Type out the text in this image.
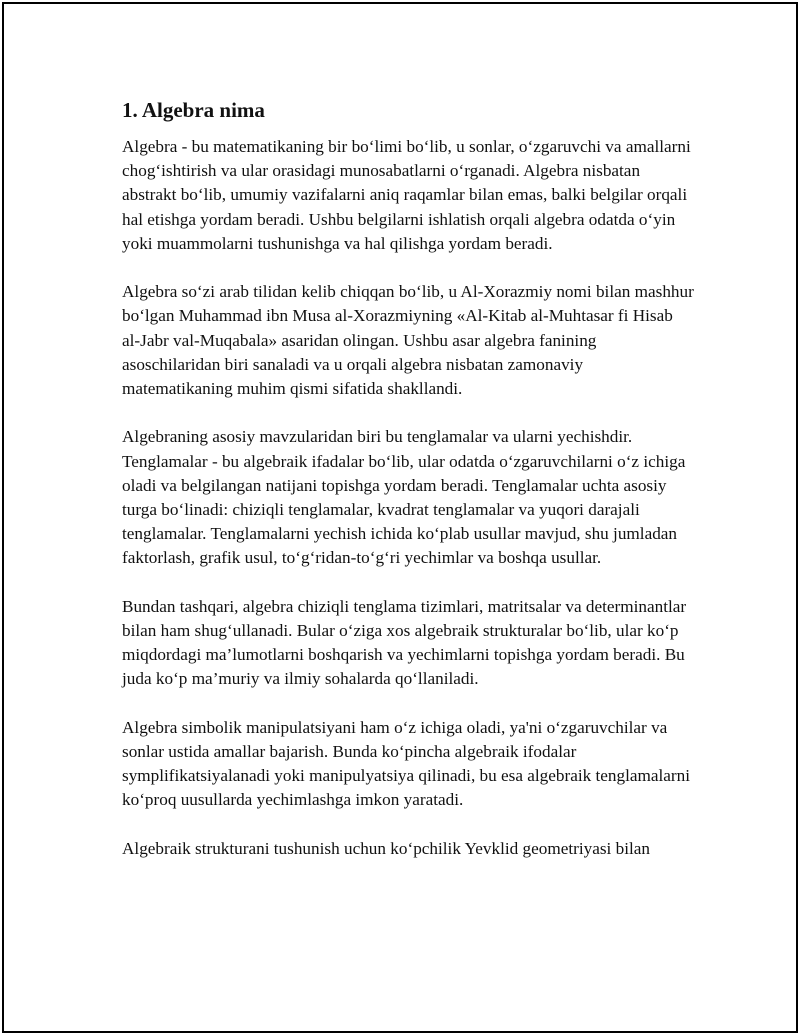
1. Algebra nima

Algebra - bu matematikaning bir bo‘limi bo‘lib, u sonlar, o‘zgaruvchi va amallarni chog‘ishtirish va ular orasidagi munosabatlarni o‘rganadi. Algebra nisbatan abstrakt bo‘lib, umumiy vazifalarni aniq raqamlar bilan emas, balki belgilar orqali hal etishga yordam beradi. Ushbu belgilarni ishlatish orqali algebra odatda o‘yin yoki muammolarni tushunishga va hal qilishga yordam beradi.

Algebra so‘zi arab tilidan kelib chiqqan bo‘lib, u Al-Xorazmiy nomi bilan mashhur bo‘lgan Muhammad ibn Musa al-Xorazmiyning «Al-Kitab al-Muhtasar fi Hisab al-Jabr val-Muqabala» asaridan olingan. Ushbu asar algebra fanining asoschilaridan biri sanaladi va u orqali algebra nisbatan zamonaviy matematikaning muhim qismi sifatida shakllandi.

Algebraning asosiy mavzularidan biri bu tenglamalar va ularni yechishdir. Tenglamalar - bu algebraik ifadalar bo‘lib, ular odatda o‘zgaruvchilarni o‘z ichiga oladi va belgilangan natijani topishga yordam beradi. Tenglamalar uchta asosiy turga bo‘linadi: chiziqli tenglamalar, kvadrat tenglamalar va yuqori darajali tenglamalar. Tenglamalarni yechish ichida ko‘plab usullar mavjud, shu jumladan faktorlash, grafik usul, to‘g‘ridan-to‘g‘ri yechimlar va boshqa usullar.

Bundan tashqari, algebra chiziqli tenglama tizimlari, matritsalar va determinantlar bilan ham shug‘ullanadi. Bular o‘ziga xos algebraik strukturalar bo‘lib, ular ko‘p miqdordagi ma’lumotlarni boshqarish va yechimlarni topishga yordam beradi. Bu juda ko‘p ma’muriy va ilmiy sohalarda qo‘llaniladi.

Algebra simbolik manipulatsiyani ham o‘z ichiga oladi, ya'ni o‘zgaruvchilar va sonlar ustida amallar bajarish. Bunda ko‘pincha algebraik ifodalar symplifikatsiyalanadi yoki manipulyatsiya qilinadi, bu esa algebraik tenglamalarni ko‘proq uusullarda yechimlashga imkon yaratadi.

Algebraik strukturani tushunish uchun ko‘pchilik Yevklid geometriyasi bilan
